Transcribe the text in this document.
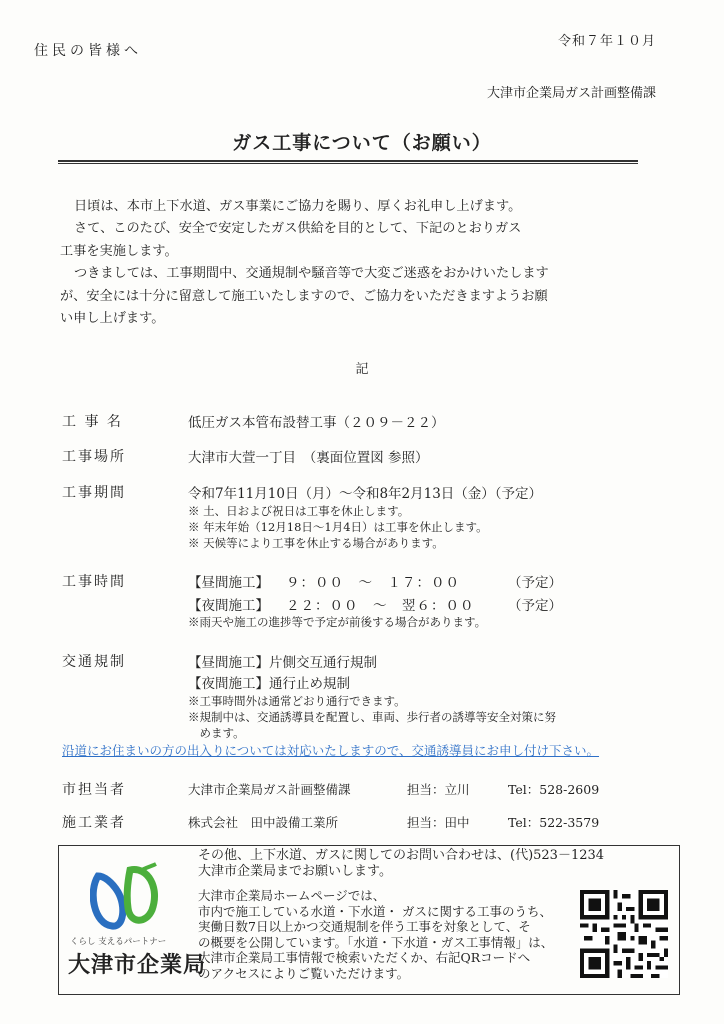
令和７年１０月
住民の皆様へ
大津市企業局ガス計画整備課
ガス工事について（お願い）
日頃は、本市上下水道、ガス事業にご協力を賜り、厚くお礼申し上げます。
さて、このたび、安全で安定したガス供給を目的として、下記のとおりガス
工事を実施します。
つきましては、工事期間中、交通規制や騒音等で大変ご迷惑をおかけいたします
が、安全には十分に留意して施工いたしますので、ご協力をいただきますようお願
い申し上げます。
記
工 事 名	低圧ガス本管布設替工事（２０９－２２）
工事場所	大津市大萱一丁目　（裏面位置図 参照）
工事期間	令和7年11月10日（月）～令和8年2月13日（金）（予定）
※ 土、日および祝日は工事を休止します。
※ 年末年始（12月18日～1月4日）は工事を休止します。
※ 天候等により工事を休止する場合があります。
工事時間	【昼間施工】 ９：００　～　１７：００	（予定）
【夜間施工】 ２２：００　～　翌６：００ （予定）
※雨天や施工の進捗等で予定が前後する場合があります。
交通規制	【昼間施工】片側交互通行規制
【夜間施工】通行止め規制
※工事時間外は通常どおり通行できます。
※規制中は、交通誘導員を配置し、車両、歩行者の誘導等安全対策に努
　めます。
沿道にお住まいの方の出入りについては対応いたしますので、交通誘導員にお申し付け下さい。
市担当者	大津市企業局ガス計画整備課	担当：立川	Tel：528-2609
施工業者	株式会社　田中設備工業所	担当：田中	Tel：522-3579
くらし 支えるパートナー
大津市企業局
その他、上下水道、ガスに関してのお問い合わせは、(代)523－1234
大津市企業局までお願いします。
大津市企業局ホームページでは、
市内で施工している水道・下水道・ ガスに関する工事のうち、
実働日数7日以上かつ交通規制を伴う工事を対象として、そ
の概要を公開しています。「水道・下水道・ガス工事情報」は、
大津市企業局工事情報で検索いただくか、右記QRコードへ
のアクセスによりご覧いただけます。
